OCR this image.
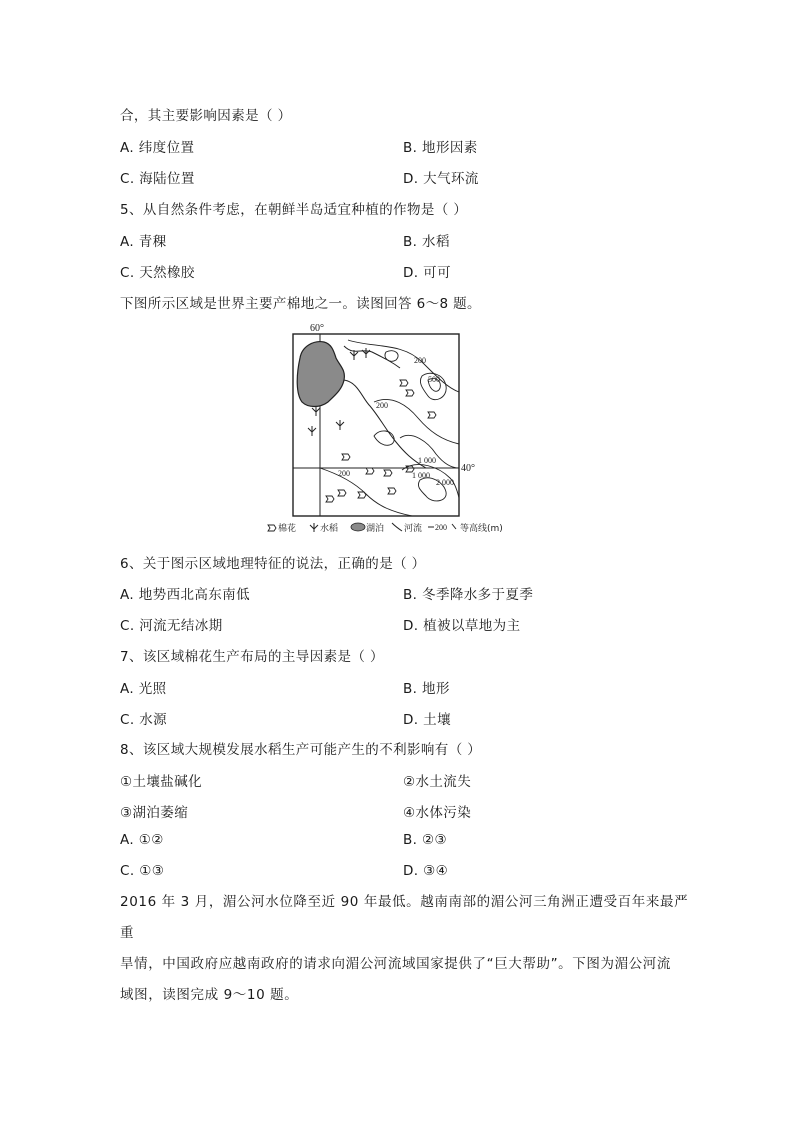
合，其主要影响因素是（ ）
A. 纬度位置	B. 地形因素
C. 海陆位置	D. 大气环流
5、从自然条件考虑，在朝鲜半岛适宜种植的作物是（ ）
A. 青稞	B. 水稻
C. 天然橡胶	D. 可可
下图所示区域是世界主要产棉地之一。读图回答 6～8 题。
60°
40°
200
500
200
1 000
1 000
2 000
200
棉花	水稻	湖泊 河流 200 等高线(m)
6、关于图示区域地理特征的说法，正确的是（ ）
A. 地势西北高东南低	B. 冬季降水多于夏季
C. 河流无结冰期	D. 植被以草地为主
7、该区域棉花生产布局的主导因素是（ ）
A. 光照	B. 地形
C. 水源	D. 土壤
8、该区域大规模发展水稻生产可能产生的不利影响有（ ）
①土壤盐碱化	②水土流失
③湖泊萎缩	④水体污染
A. ①②	B. ②③
C. ①③	D. ③④
2016 年 3 月，湄公河水位降至近 90 年最低。越南南部的湄公河三角洲正遭受百年来最严重
旱情，中国政府应越南政府的请求向湄公河流域国家提供了“巨大帮助”。下图为湄公河流
域图，读图完成 9～10 题。
